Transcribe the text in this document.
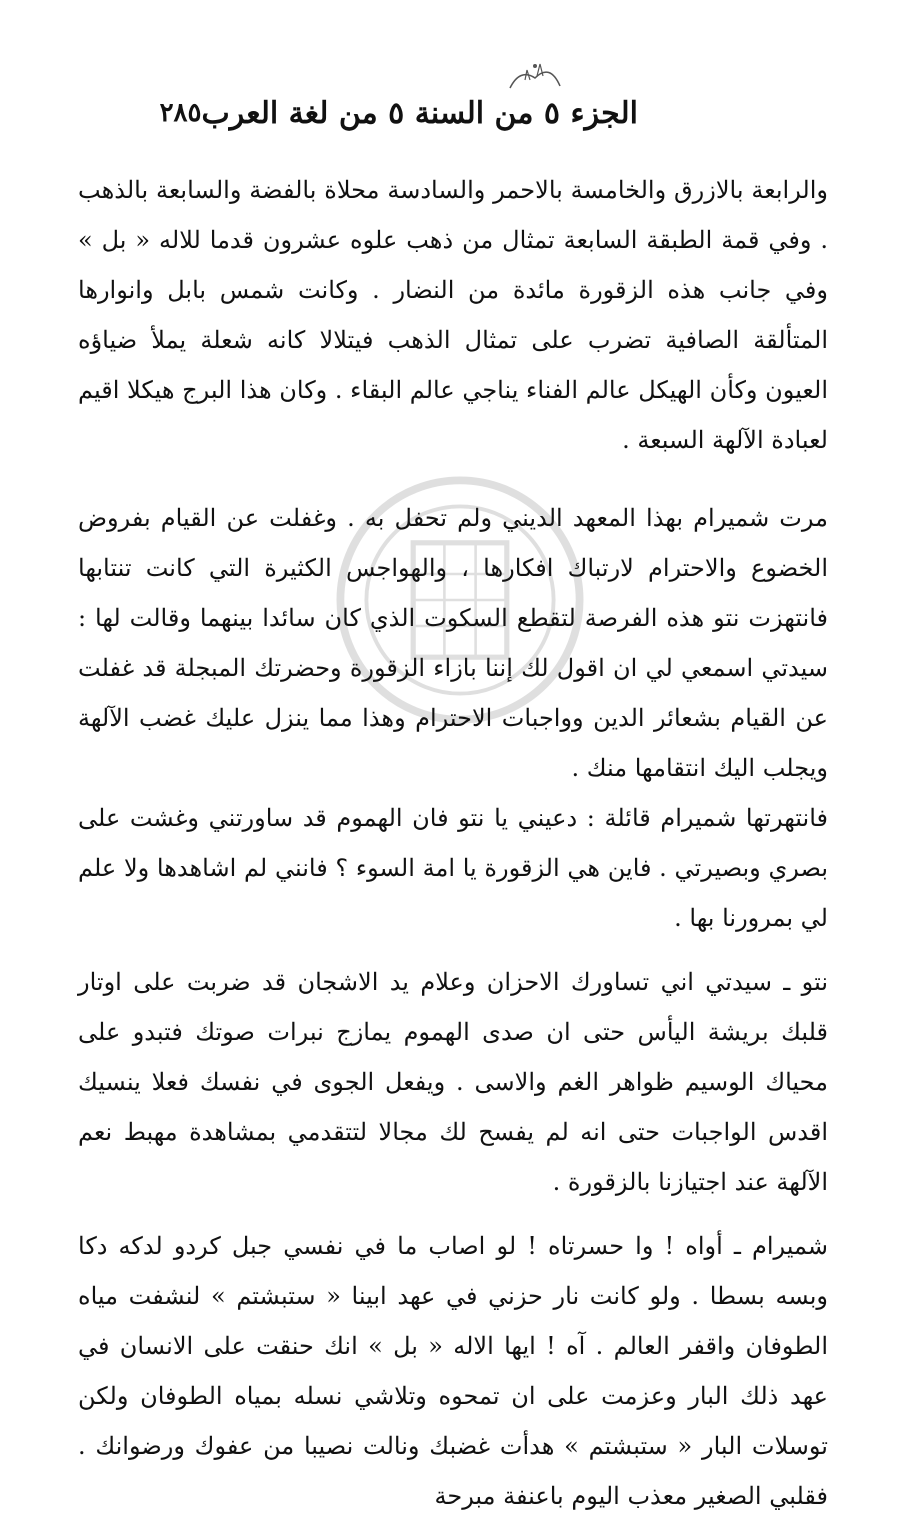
الجزء ٥ من السنة ٥ من لغة العرب
٢٨٥

والرابعة بالازرق والخامسة بالاحمر والسادسة محلاة بالفضة والسابعة بالذهب . وفي قمة الطبقة السابعة تمثال من ذهب علوه عشرون قدما للاله « بل » وفي جانب هذه الزقورة مائدة من النضار . وكانت شمس بابل وانوارها المتألقة الصافية تضرب على تمثال الذهب فيتلالا كانه شعلة يملأ ضياؤه العيون وكأن الهيكل عالم الفناء يناجي عالم البقاء . وكان هذا البرج هيكلا اقيم لعبادة الآلهة السبعة .

مرت شميرام بهذا المعهد الديني ولم تحفل به . وغفلت عن القيام بفروض الخضوع والاحترام لارتباك افكارها ، والهواجس الكثيرة التي كانت تنتابها فانتهزت نتو هذه الفرصة لتقطع السكوت الذي كان سائدا بينهما وقالت لها : سيدتي اسمعي لي ان اقول لك إننا بازاء الزقورة وحضرتك المبجلة قد غفلت عن القيام بشعائر الدين وواجبات الاحترام وهذا مما ينزل عليك غضب الآلهة ويجلب اليك انتقامها منك .

فانتهرتها شميرام قائلة : دعيني يا نتو فان الهموم قد ساورتني وغشت على بصري وبصيرتي . فاين هي الزقورة يا امة السوء ؟ فانني لم اشاهدها ولا علم لي بمرورنا بها .

نتو ـ سيدتي اني تساورك الاحزان وعلام يد الاشجان قد ضربت على اوتار قلبك بريشة اليأس حتى ان صدى الهموم يمازج نبرات صوتك فتبدو على محياك الوسيم ظواهر الغم والاسى . ويفعل الجوى في نفسك فعلا ينسيك اقدس الواجبات حتى انه لم يفسح لك مجالا لتتقدمي بمشاهدة مهبط نعم الآلهة عند اجتيازنا بالزقورة .

شميرام ـ أواه ! وا حسرتاه ! لو اصاب ما في نفسي جبل كردو لدكه دكا وبسه بسطا . ولو كانت نار حزني في عهد ابينا « ستبشتم » لنشفت مياه الطوفان واقفر العالم . آه ! ايها الاله « بل » انك حنقت على الانسان في عهد ذلك البار وعزمت على ان تمحوه وتلاشي نسله بمياه الطوفان ولكن توسلات البار « ستبشتم » هدأت غضبك ونالت نصيبا من عفوك ورضوانك . فقلبي الصغير معذب اليوم باعنفة مبرحة
